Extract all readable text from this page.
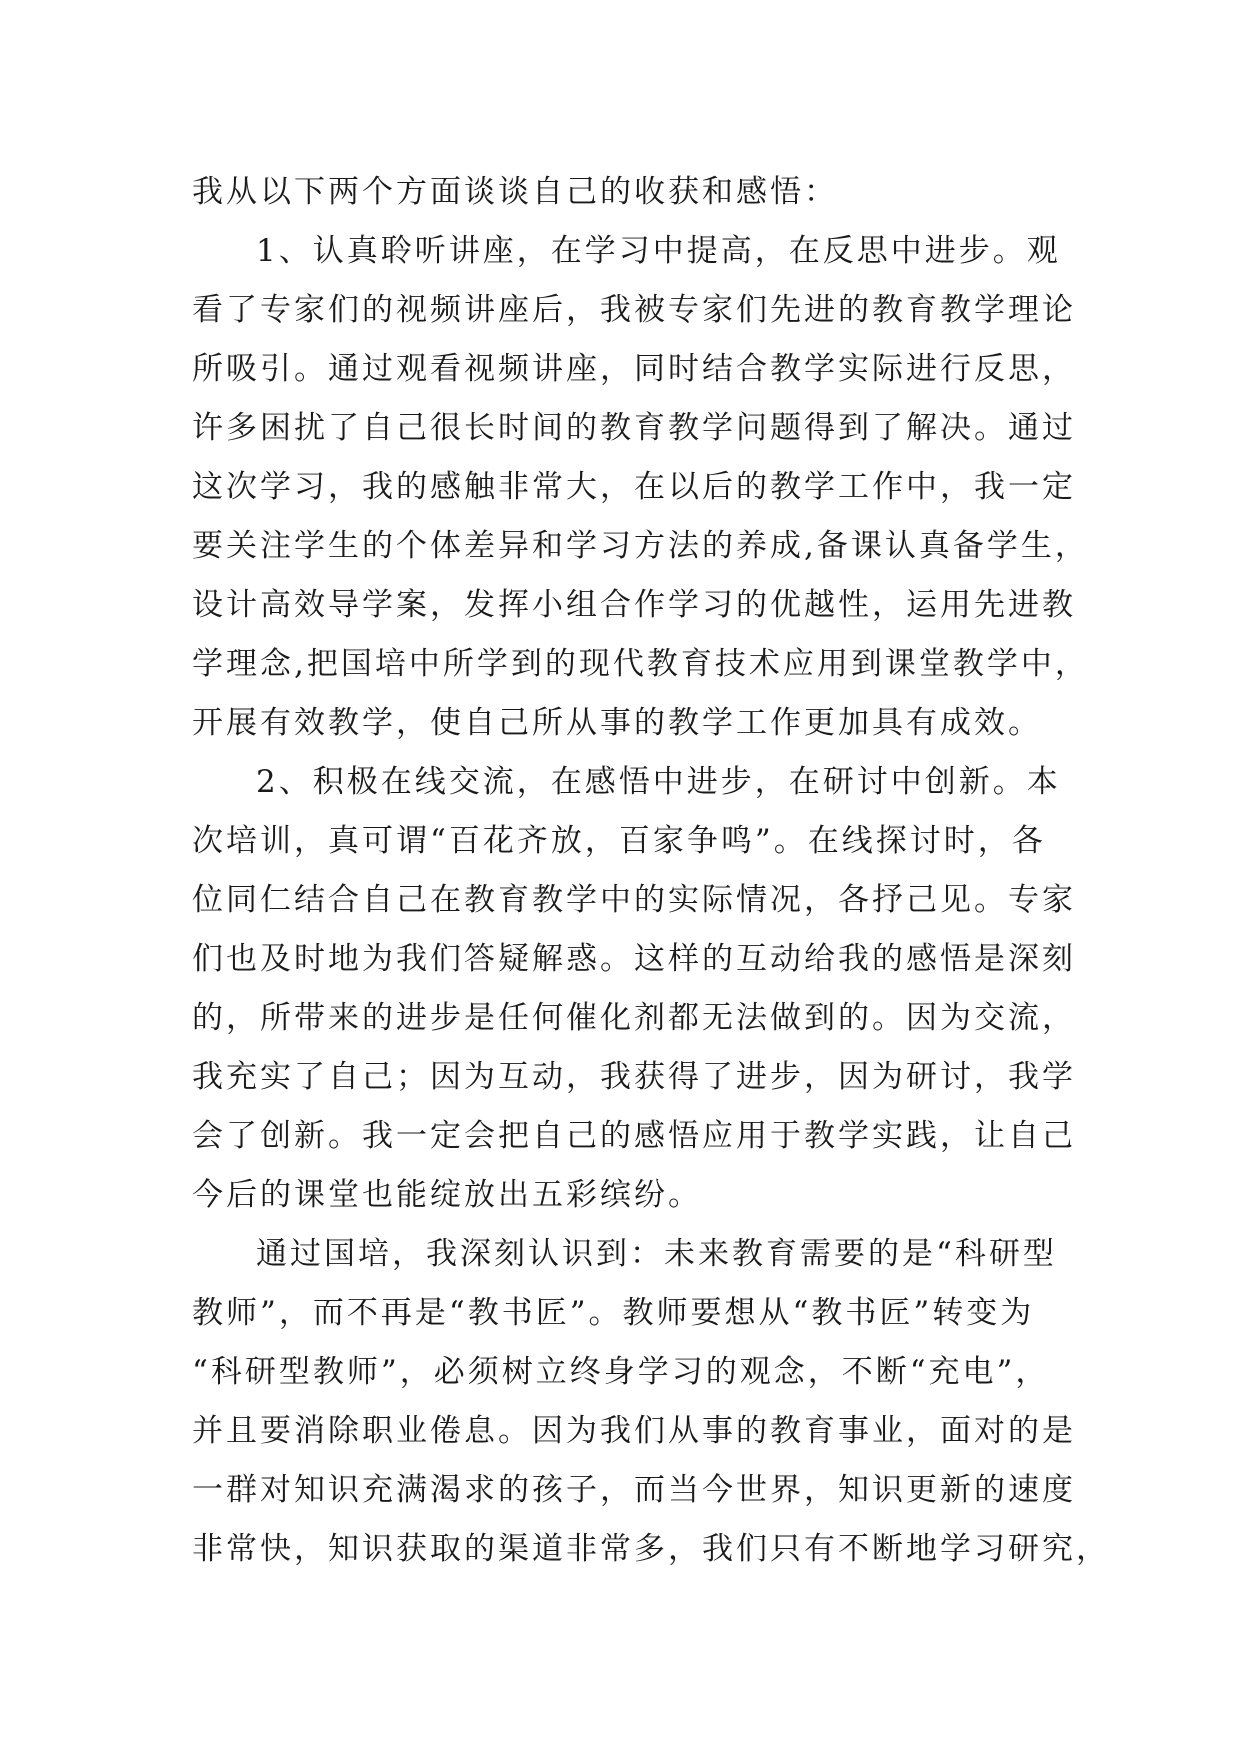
我从以下两个方面谈谈自己的收获和感悟：
1、认真聆听讲座，在学习中提高，在反思中进步。观
看了专家们的视频讲座后，我被专家们先进的教育教学理论
所吸引。通过观看视频讲座，同时结合教学实际进行反思，
许多困扰了自己很长时间的教育教学问题得到了解决。通过
这次学习，我的感触非常大，在以后的教学工作中，我一定
要关注学生的个体差异和学习方法的养成,备课认真备学生，
设计高效导学案，发挥小组合作学习的优越性，运用先进教
学理念,把国培中所学到的现代教育技术应用到课堂教学中，
开展有效教学，使自己所从事的教学工作更加具有成效。
2、积极在线交流，在感悟中进步，在研讨中创新。本
次培训，真可谓“百花齐放，百家争鸣”。在线探讨时，各
位同仁结合自己在教育教学中的实际情况，各抒己见。专家
们也及时地为我们答疑解惑。这样的互动给我的感悟是深刻
的，所带来的进步是任何催化剂都无法做到的。因为交流，
我充实了自己；因为互动，我获得了进步，因为研讨，我学
会了创新。我一定会把自己的感悟应用于教学实践，让自己
今后的课堂也能绽放出五彩缤纷。
通过国培，我深刻认识到：未来教育需要的是“科研型
教师”，而不再是“教书匠”。教师要想从“教书匠”转变为
“科研型教师”，必须树立终身学习的观念，不断“充电”，
并且要消除职业倦息。因为我们从事的教育事业，面对的是
一群对知识充满渴求的孩子，而当今世界，知识更新的速度
非常快，知识获取的渠道非常多，我们只有不断地学习研究，
